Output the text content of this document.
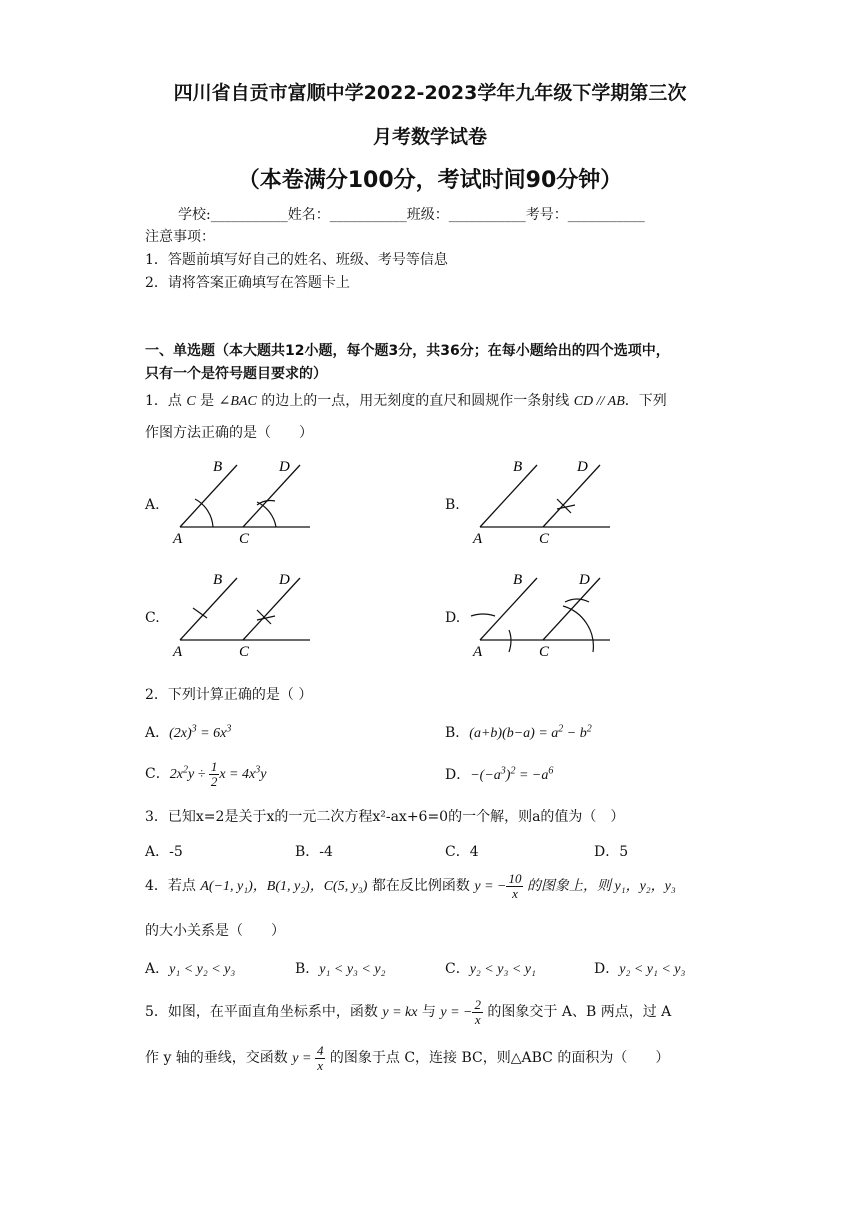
四川省自贡市富顺中学2022-2023学年九年级下学期第三次
月考数学试卷
（本卷满分100分，考试时间90分钟）
学校:___________姓名：___________班级：___________考号：___________
注意事项：
1．答题前填写好自己的姓名、班级、考号等信息
2．请将答案正确填写在答题卡上
一、单选题（本大题共12小题，每个题3分，共36分；在每小题给出的四个选项中，
只有一个是符号题目要求的）
1．点 C 是 ∠BAC 的边上的一点，用无刻度的直尺和圆规作一条射线 CD // AB．下列
作图方法正确的是（　　）
A.	B.
C.	D.
B	D
A	C
B	D
A	C
B	D
A	C
B	D
A	C
2．下列计算正确的是（ ）
A．$(2x)^3 = 6x^3$	B．$(a+b)(b-a) = a^2 - b^2$
C．$2x^2y \div \frac{1}{2}$ $x = 4x^3y$	D．$-(-a^3)^2 = -a^6$
3．已知x=2是关于x的一元二次方程x²-ax+6=0的一个解，则a的值为（　）
A．-5	B．-4	C．4	D．5
4．若点 A(−1, y₁)，B(1, y₂)，C(5, y₃) 都在反比例函数 y = − $\frac{10}{x}$ 的图象上，则 y₁，y₂，y₃
的大小关系是（　　）
A．y₁ < y₂ < y₃	B．y₁ < y₃ < y₂	C．y₂ < y₃ < y₁	D．y₂ < y₁ < y₃
5．如图，在平面直角坐标系中，函数 y = kx 与 y = − $\frac{2}{x}$ 的图象交于 A、B 两点，过 A
作 y 轴的垂线，交函数 $y = \frac{4}{x}$ 的图象于点 C，连接 BC，则△ABC 的面积为（　　）
